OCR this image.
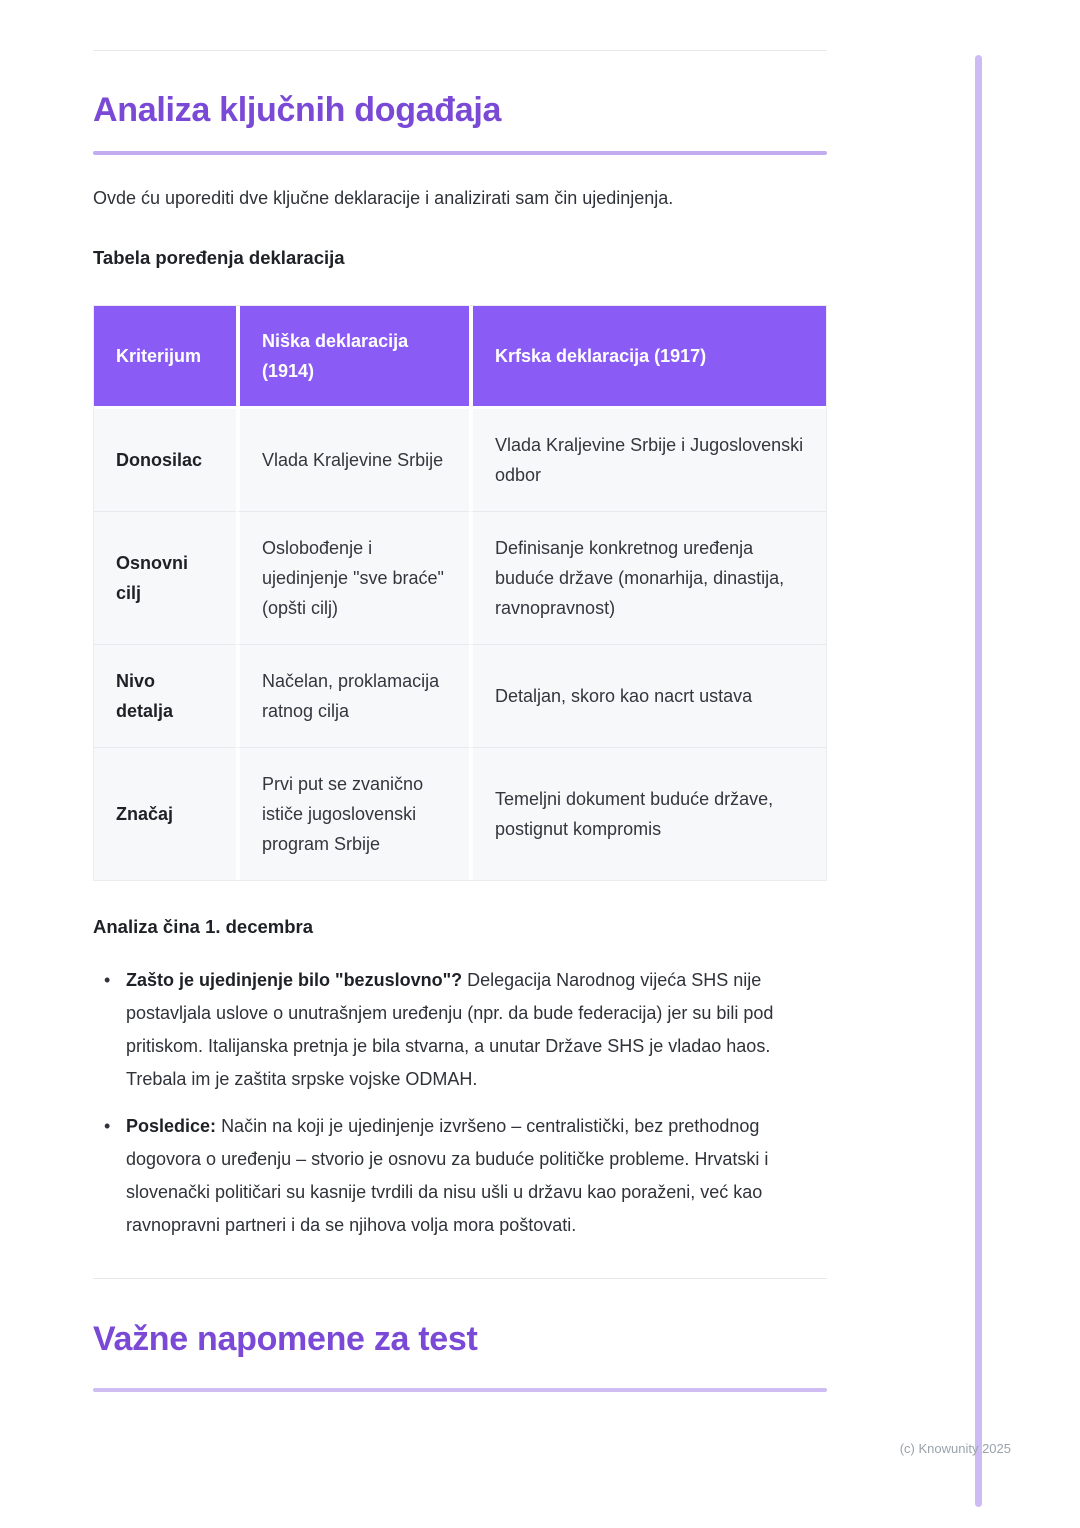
Analiza ključnih događaja

Ovde ću uporediti dve ključne deklaracije i analizirati sam čin ujedinjenja.

Tabela poređenja deklaracija
Kriterijum	Niška deklaracija (1914)	Krfska deklaracija (1917)
Donosilac	Vlada Kraljevine Srbije	Vlada Kraljevine Srbije i Jugoslovenski odbor
Osnovni cilj	Oslobođenje i ujedinjenje "sve braće" (opšti cilj)	Definisanje konkretnog uređenja buduće države (monarhija, dinastija, ravnopravnost)
Nivo detalja	Načelan, proklamacija ratnog cilja	Detaljan, skoro kao nacrt ustava
Značaj	Prvi put se zvanično ističe jugoslovenski program Srbije	Temeljni dokument buduće države, postignut kompromis
Analiza čina 1. decembra
• Zašto je ujedinjenje bilo "bezuslovno"? Delegacija Narodnog vijeća SHS nije postavljala uslove o unutrašnjem uređenju (npr. da bude federacija) jer su bili pod pritiskom. Italijanska pretnja je bila stvarna, a unutar Države SHS je vladao haos. Trebala im je zaštita srpske vojske ODMAH.
• Posledice: Način na koji je ujedinjenje izvršeno – centralistički, bez prethodnog dogovora o uređenju – stvorio je osnovu za buduće političke probleme. Hrvatski i slovenački političari su kasnije tvrdili da nisu ušli u državu kao poraženi, već kao ravnopravni partneri i da se njihova volja mora poštovati.
Važne napomene za test
(c) Knowunity 2025
